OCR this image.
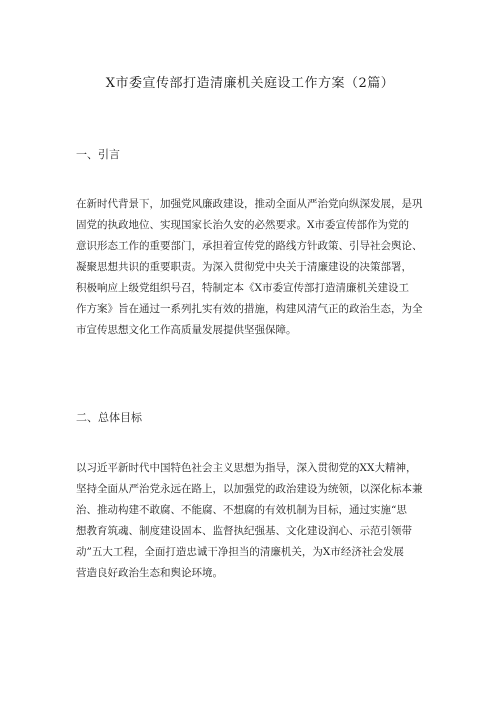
X市委宣传部打造清廉机关庭设工作方案（2篇）
一、引言
在新时代背景下，加强党风廉政建设，推动全面从严治党向纵深发展，是巩
固党的执政地位、实现国家长治久安的必然要求。X市委宣传部作为党的
意识形态工作的重要部门，承担着宣传党的路线方针政策、引导社会舆论、
凝聚思想共识的重要职责。为深入贯彻党中央关于清廉建设的决策部署，
积极响应上级党组织号召，特制定本《X市委宣传部打造清廉机关建设工
作方案》旨在通过一系列扎实有效的措施，构建风清气正的政治生态，为全
市宣传思想文化工作高质量发展提供坚强保障。
二、总体目标
以习近平新时代中国特色社会主义思想为指导，深入贯彻党的XX大精神，
坚持全面从严治党永远在路上，以加强党的政治建设为统领，以深化标本兼
治、推动构建不敢腐、不能腐、不想腐的有效机制为目标，通过实施“思
想教育筑魂、制度建设固本、监督执纪强基、文化建设润心、示范引领带
动”五大工程，全面打造忠诚干净担当的清廉机关，为X市经济社会发展
营造良好政治生态和舆论环境。
